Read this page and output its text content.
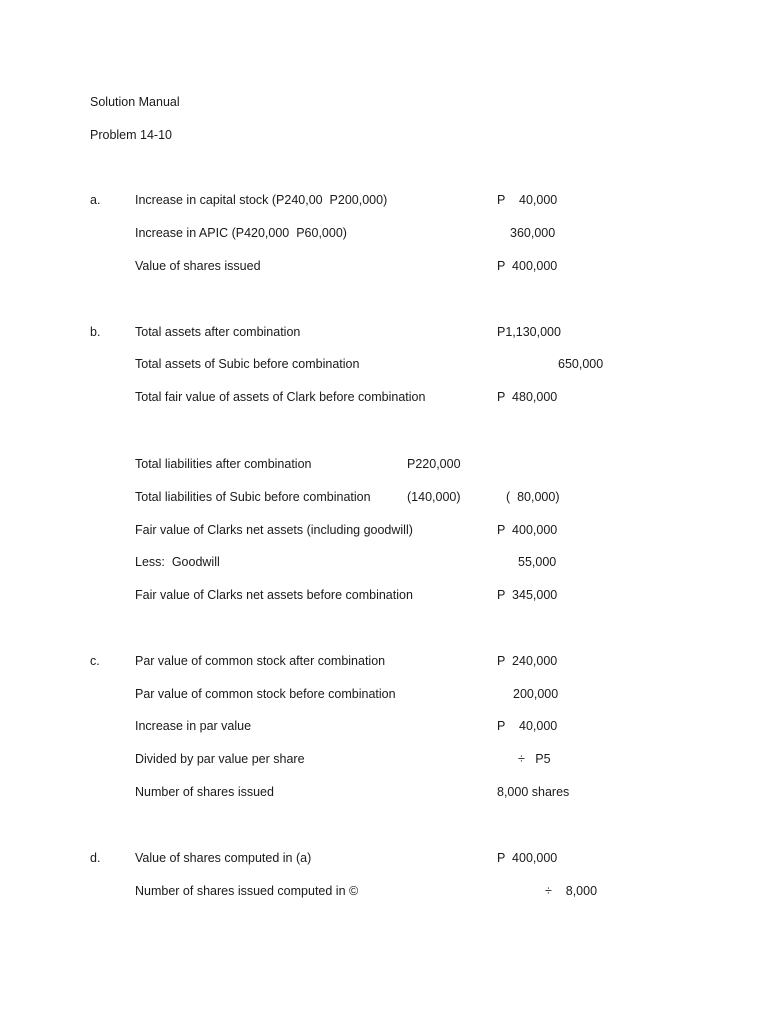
Solution Manual
Problem 14-10
a.	Increase in capital stock (P240,00  P200,000)	P    40,000
Increase in APIC (P420,000  P60,000)	360,000
Value of shares issued	P  400,000
b.	Total assets after combination	P1,130,000
Total assets of Subic before combination	650,000
Total fair value of assets of Clark before combination	P  480,000
Total liabilities after combination	P220,000
Total liabilities of Subic before combination	(140,000)	(  80,000)
Fair value of Clarks net assets (including goodwill)	P  400,000
Less:  Goodwill	55,000
Fair value of Clarks net assets before combination	P  345,000
c.	Par value of common stock after combination	P  240,000
Par value of common stock before combination	200,000
Increase in par value	P    40,000
Divided by par value per share	÷   P5
Number of shares issued	8,000 shares
d.	Value of shares computed in (a)	P  400,000
Number of shares issued computed in ©	÷    8,000
